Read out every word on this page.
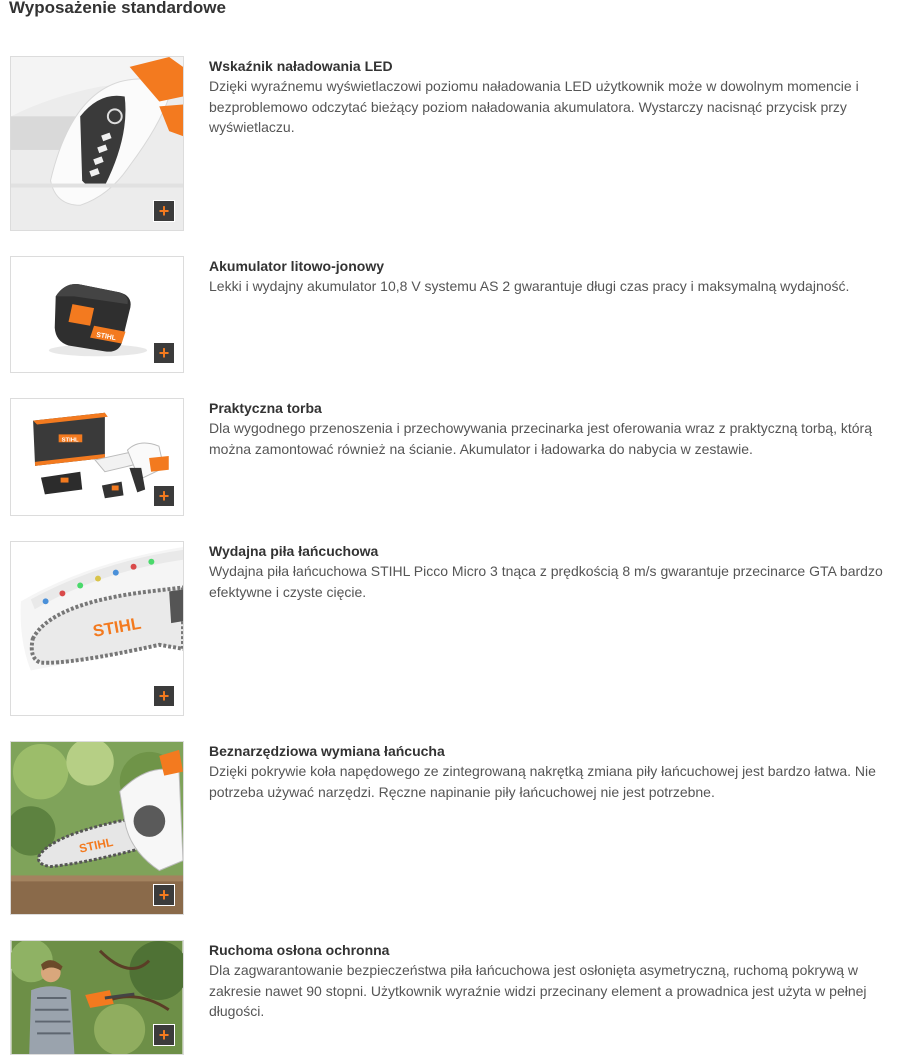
Wyposażenie standardowe
+
Wskaźnik naładowania LED
Dzięki wyraźnemu wyświetlaczowi poziomu naładowania LED użytkownik może w dowolnym momencie i bezproblemowo odczytać bieżący poziom naładowania akumulatora. Wystarczy nacisnąć przycisk przy wyświetlaczu.
STIHL
+
Akumulator litowo-jonowy
Lekki i wydajny akumulator 10,8 V systemu AS 2 gwarantuje długi czas pracy i maksymalną wydajność.
STIHL
+
Praktyczna torba
Dla wygodnego przenoszenia i przechowywania przecinarka jest oferowania wraz z praktyczną torbą, którą można zamontować również na ścianie. Akumulator i ładowarka do nabycia w zestawie.
STIHL
+
Wydajna piła łańcuchowa
Wydajna piła łańcuchowa STIHL Picco Micro 3 tnąca z prędkością 8 m/s gwarantuje przecinarce GTA bardzo efektywne i czyste cięcie.
STIHL
+
Beznarzędziowa wymiana łańcucha
Dzięki pokrywie koła napędowego ze zintegrowaną nakrętką zmiana piły łańcuchowej jest bardzo łatwa. Nie potrzeba używać narzędzi. Ręczne napinanie piły łańcuchowej nie jest potrzebne.
+
Ruchoma osłona ochronna
Dla zagwarantowanie bezpieczeństwa piła łańcuchowa jest osłonięta asymetryczną, ruchomą pokrywą w zakresie nawet 90 stopni. Użytkownik wyraźnie widzi przecinany element a prowadnica jest użyta w pełnej długości.
